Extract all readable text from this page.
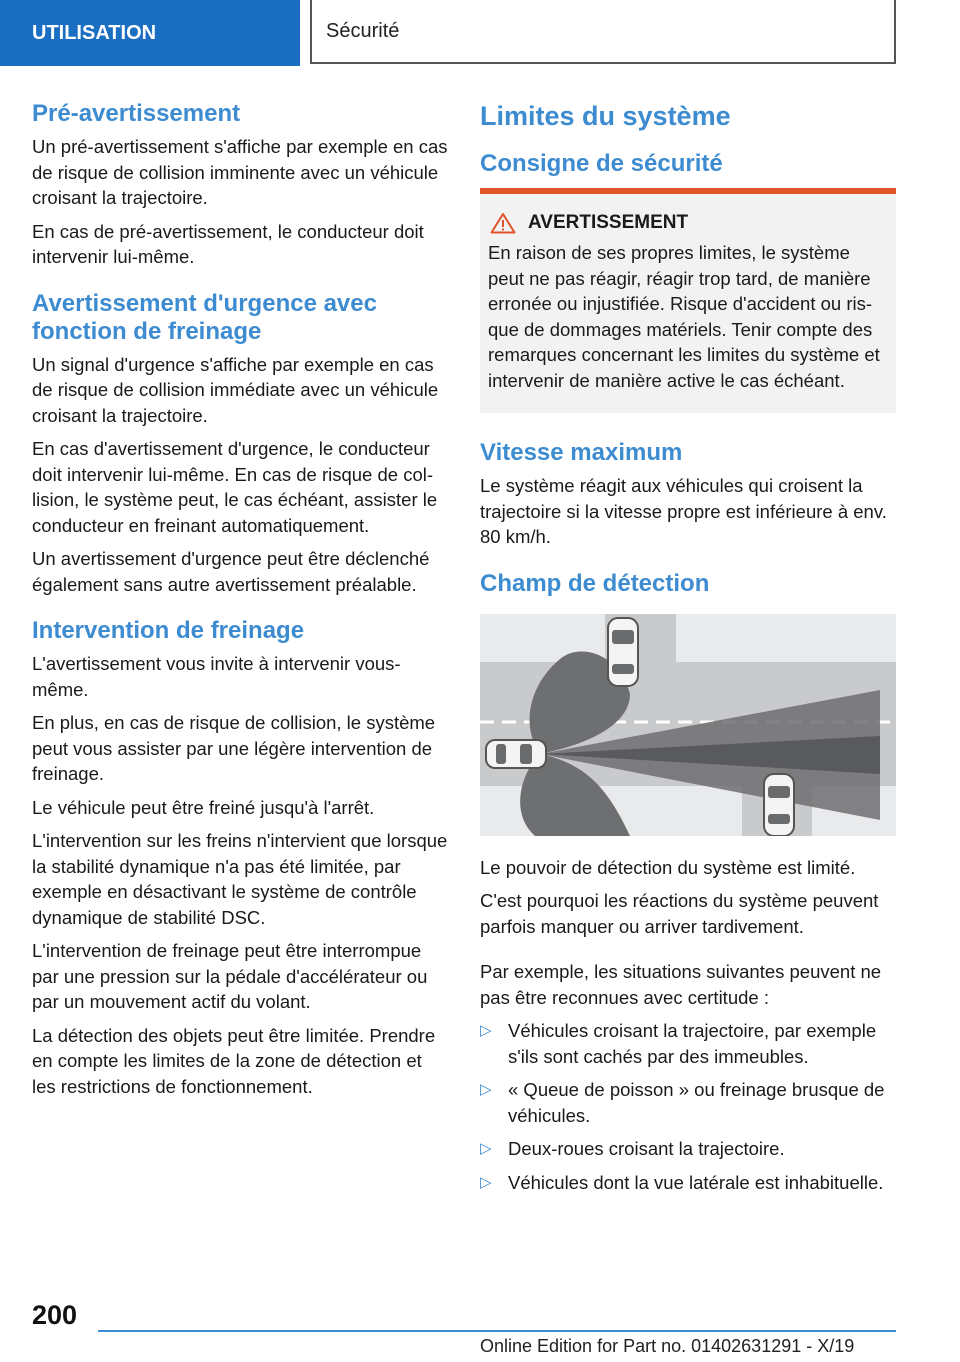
UTILISATION	Sécurité
Pré-avertissement

Un pré-avertissement s'affiche par exemple en cas de risque de collision imminente avec un véhicule croisant la trajectoire.

En cas de pré-avertissement, le conducteur doit intervenir lui-même.

Avertissement d'urgence avec fonction de freinage

Un signal d'urgence s'affiche par exemple en cas de risque de collision immédiate avec un véhicule croisant la trajectoire.

En cas d'avertissement d'urgence, le conducteur doit intervenir lui-même. En cas de risque de collision, le système peut, le cas échéant, assister le conducteur en freinant automatiquement.

Un avertissement d'urgence peut être déclenché également sans autre avertissement préalable.

Intervention de freinage

L'avertissement vous invite à intervenir vous-même.

En plus, en cas de risque de collision, le système peut vous assister par une légère intervention de freinage.

Le véhicule peut être freiné jusqu'à l'arrêt.

L'intervention sur les freins n'intervient que lorsque la stabilité dynamique n'a pas été limitée, par exemple en désactivant le système de contrôle dynamique de stabilité DSC.

L'intervention de freinage peut être interrompue par une pression sur la pédale d'accélérateur ou par un mouvement actif du volant.

La détection des objets peut être limitée. Prendre en compte les limites de la zone de détection et les restrictions de fonctionnement.

Limites du système
Consigne de sécurité
AVERTISSEMENT

En raison de ses propres limites, le système peut ne pas réagir, réagir trop tard, de manière erronée ou injustifiée. Risque d'accident ou risque de dommages matériels. Tenir compte des remarques concernant les limites du système et intervenir de manière active le cas échéant.

Vitesse maximum

Le système réagit aux véhicules qui croisent la trajectoire si la vitesse propre est inférieure à env. 80 km/h.

Champ de détection

Le pouvoir de détection du système est limité.

C'est pourquoi les réactions du système peuvent parfois manquer ou arriver tardivement.

Par exemple, les situations suivantes peuvent ne pas être reconnues avec certitude :

▷ Véhicules croisant la trajectoire, par exemple s'ils sont cachés par des immeubles.
▷ « Queue de poisson » ou freinage brusque de véhicules.
▷ Deux-roues croisant la trajectoire.
▷ Véhicules dont la vue latérale est inhabituelle.
200
Online Edition for Part no. 01402631291 - X/19
